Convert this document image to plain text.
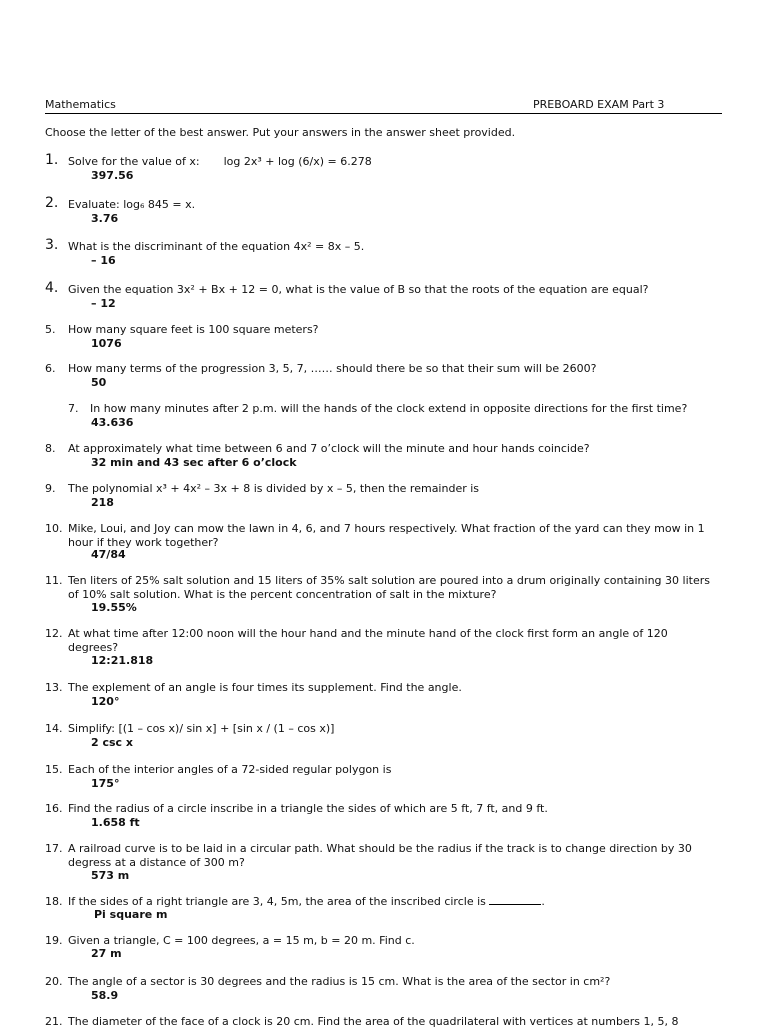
Mathematics	PREBOARD EXAM Part 3
Choose the letter of the best answer. Put your answers in the answer sheet provided.
1. Solve for the value of x: log 2x³ + log (6/x) = 6.278
397.56
2. Evaluate: log₆ 845 = x.
3.76
3. What is the discriminant of the equation 4x² = 8x – 5.
– 16
4. Given the equation 3x² + Bx + 12 = 0, what is the value of B so that the roots of the equation are equal?
– 12
5. How many square feet is 100 square meters?
1076
6. How many terms of the progression 3, 5, 7, …… should there be so that their sum will be 2600?
50
7. In how many minutes after 2 p.m. will the hands of the clock extend in opposite directions for the first time?
43.636
8. At approximately what time between 6 and 7 o’clock will the minute and hour hands coincide?
32 min and 43 sec after 6 o’clock
9. The polynomial x³ + 4x² – 3x + 8 is divided by x – 5, then the remainder is
218
10. Mike, Loui, and Joy can mow the lawn in 4, 6, and 7 hours respectively. What fraction of the yard can they mow in 1 hour if they work together?
47/84
11. Ten liters of 25% salt solution and 15 liters of 35% salt solution are poured into a drum originally containing 30 liters of 10% salt solution. What is the percent concentration of salt in the mixture?
19.55%
12. At what time after 12:00 noon will the hour hand and the minute hand of the clock first form an angle of 120 degrees?
12:21.818
13. The explement of an angle is four times its supplement. Find the angle.
120°
14. Simplify: [(1 – cos x)/ sin x] + [sin x / (1 – cos x)]
2 csc x
15. Each of the interior angles of a 72-sided regular polygon is
175°
16. Find the radius of a circle inscribe in a triangle the sides of which are 5 ft, 7 ft, and 9 ft.
1.658 ft
17. A railroad curve is to be laid in a circular path. What should be the radius if the track is to change direction by 30 degress at a distance of 300 m?
573 m
18. If the sides of a right triangle are 3, 4, 5m, the area of the inscribed circle is	.
Pi square m
19. Given a triangle, C = 100 degrees, a = 15 m, b = 20 m. Find c.
27 m
20. The angle of a sector is 30 degrees and the radius is 15 cm. What is the area of the sector in cm²?
58.9
21. The diameter of the face of a clock is 20 cm. Find the area of the quadrilateral with vertices at numbers 1, 5, 8
